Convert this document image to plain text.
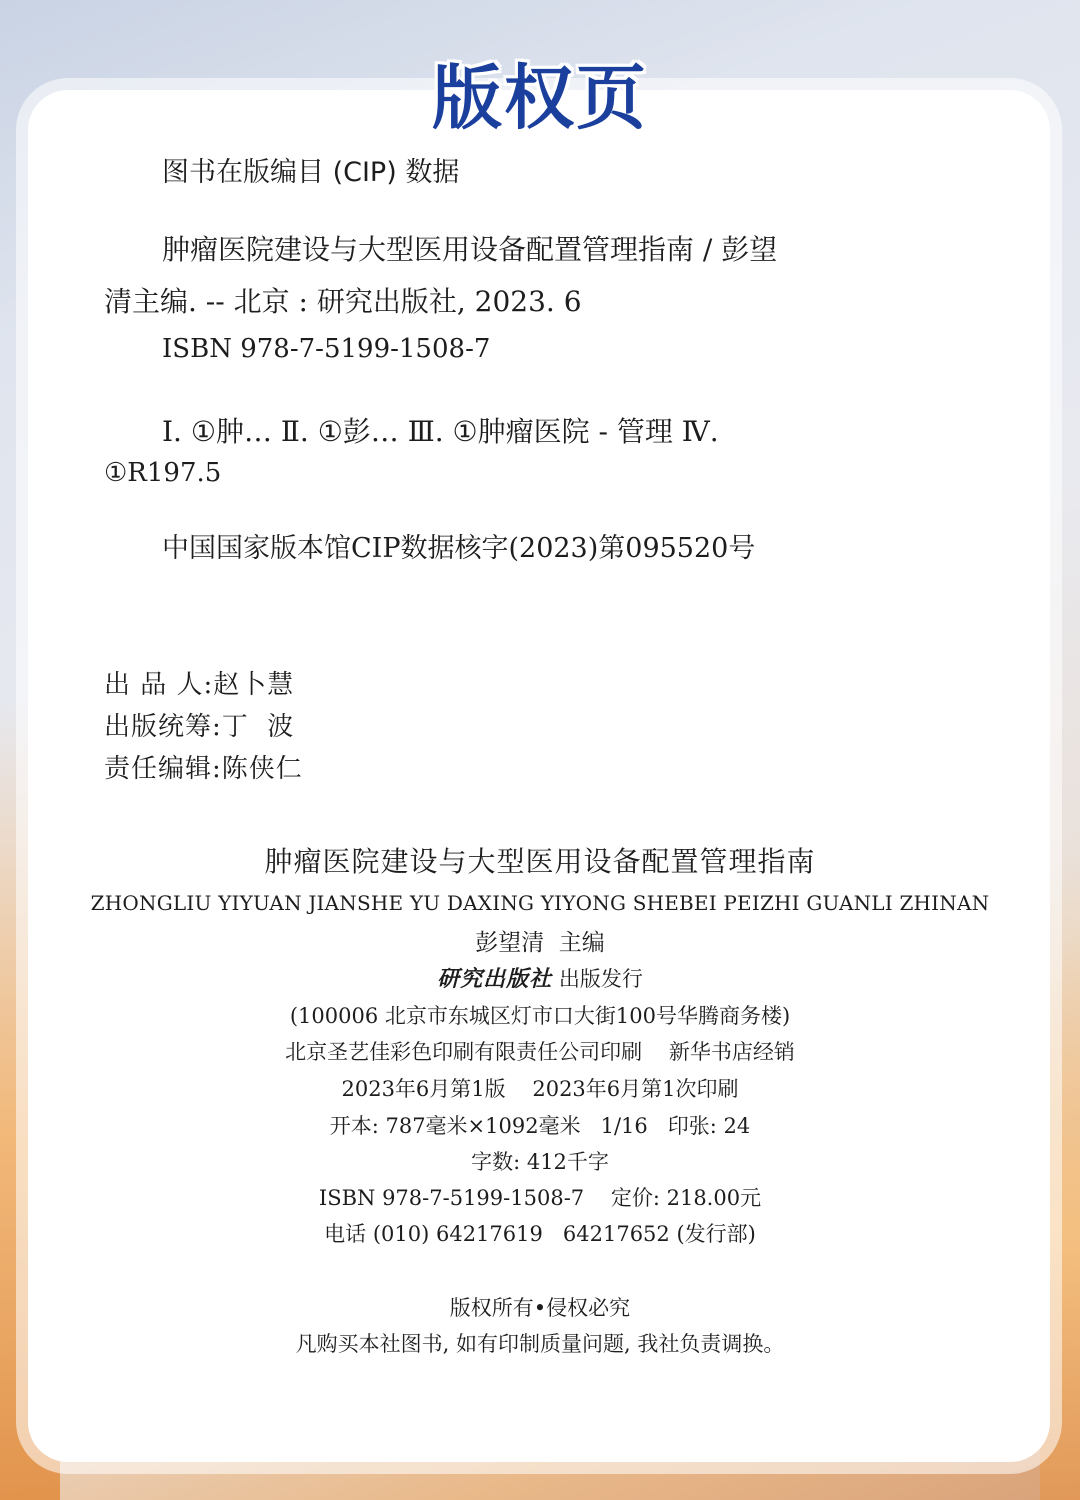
版权页
图书在版编目 (CIP) 数据
肿瘤医院建设与大型医用设备配置管理指南 / 彭望
清主编. -- 北京 : 研究出版社, 2023. 6
ISBN 978-7-5199-1508-7
Ⅰ. ①肿… Ⅱ. ①彭… Ⅲ. ①肿瘤医院 - 管理 Ⅳ.
①R197.5
中国国家版本馆CIP数据核字(2023)第095520号
出 品 人:赵卜慧
出版统筹:丁  波
责任编辑:陈侠仁
肿瘤医院建设与大型医用设备配置管理指南
ZHONGLIU YIYUAN JIANSHE YU DAXING YIYONG SHEBEI PEIZHI GUANLI ZHINAN
彭望清  主编
研究出版社 出版发行
(100006 北京市东城区灯市口大街100号华腾商务楼)
北京圣艺佳彩色印刷有限责任公司印刷    新华书店经销
2023年6月第1版    2023年6月第1次印刷
开本: 787毫米×1092毫米   1/16   印张: 24
字数: 412千字
ISBN 978-7-5199-1508-7    定价: 218.00元
电话 (010) 64217619   64217652 (发行部)
版权所有•侵权必究
凡购买本社图书, 如有印制质量问题, 我社负责调换。
